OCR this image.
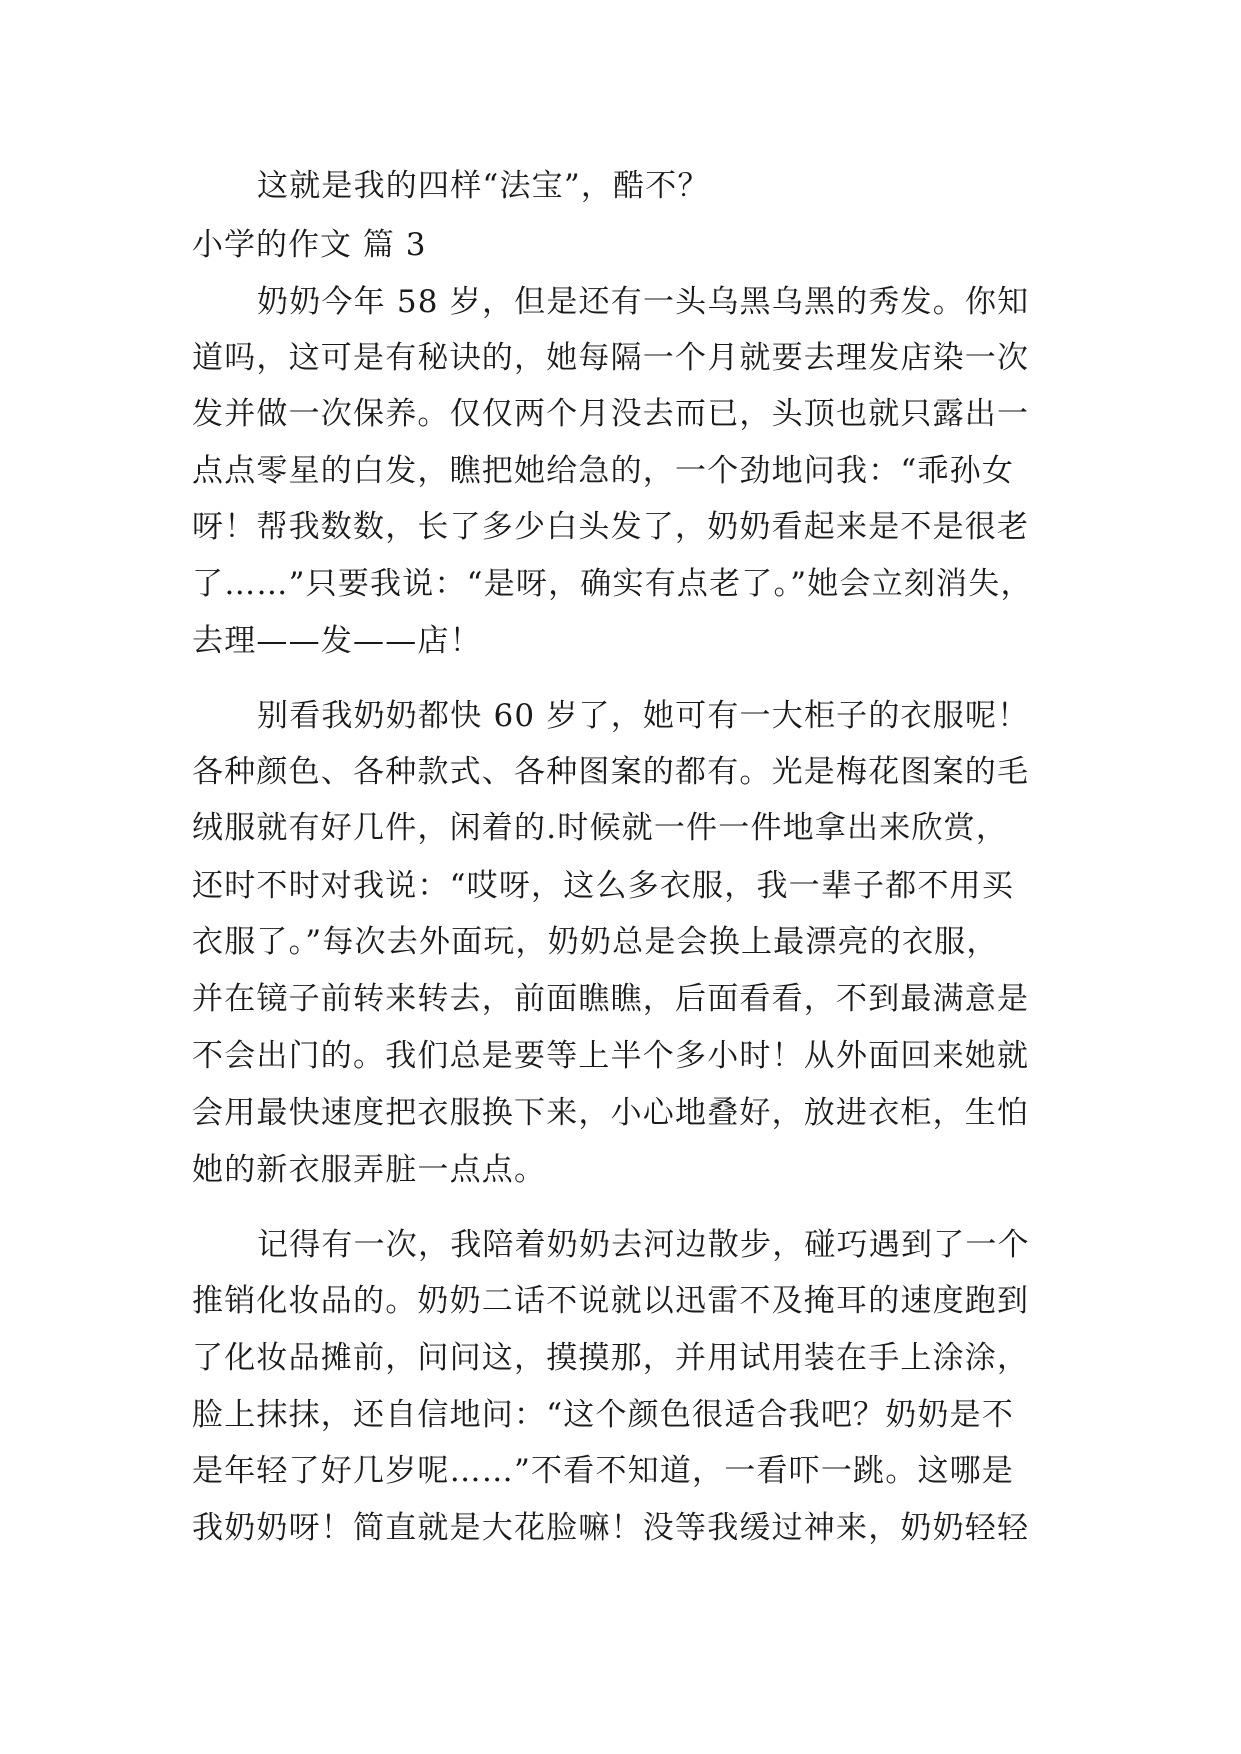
这就是我的四样“法宝”，酷不？
小学的作文 篇 3
奶奶今年 58 岁，但是还有一头乌黑乌黑的秀发。你知
道吗，这可是有秘诀的，她每隔一个月就要去理发店染一次
发并做一次保养。仅仅两个月没去而已，头顶也就只露出一
点点零星的白发，瞧把她给急的，一个劲地问我：“乖孙女
呀！帮我数数，长了多少白头发了，奶奶看起来是不是很老
了……”只要我说：“是呀，确实有点老了。”她会立刻消失，
去理——发——店！
别看我奶奶都快 60 岁了，她可有一大柜子的衣服呢！
各种颜色、各种款式、各种图案的都有。光是梅花图案的毛
绒服就有好几件，闲着的.时候就一件一件地拿出来欣赏，
还时不时对我说：“哎呀，这么多衣服，我一辈子都不用买
衣服了。”每次去外面玩，奶奶总是会换上最漂亮的衣服，
并在镜子前转来转去，前面瞧瞧，后面看看，不到最满意是
不会出门的。我们总是要等上半个多小时！从外面回来她就
会用最快速度把衣服换下来，小心地叠好，放进衣柜，生怕
她的新衣服弄脏一点点。
记得有一次，我陪着奶奶去河边散步，碰巧遇到了一个
推销化妆品的。奶奶二话不说就以迅雷不及掩耳的速度跑到
了化妆品摊前，问问这，摸摸那，并用试用装在手上涂涂，
脸上抹抹，还自信地问：“这个颜色很适合我吧？奶奶是不
是年轻了好几岁呢……”不看不知道，一看吓一跳。这哪是
我奶奶呀！简直就是大花脸嘛！没等我缓过神来，奶奶轻轻
